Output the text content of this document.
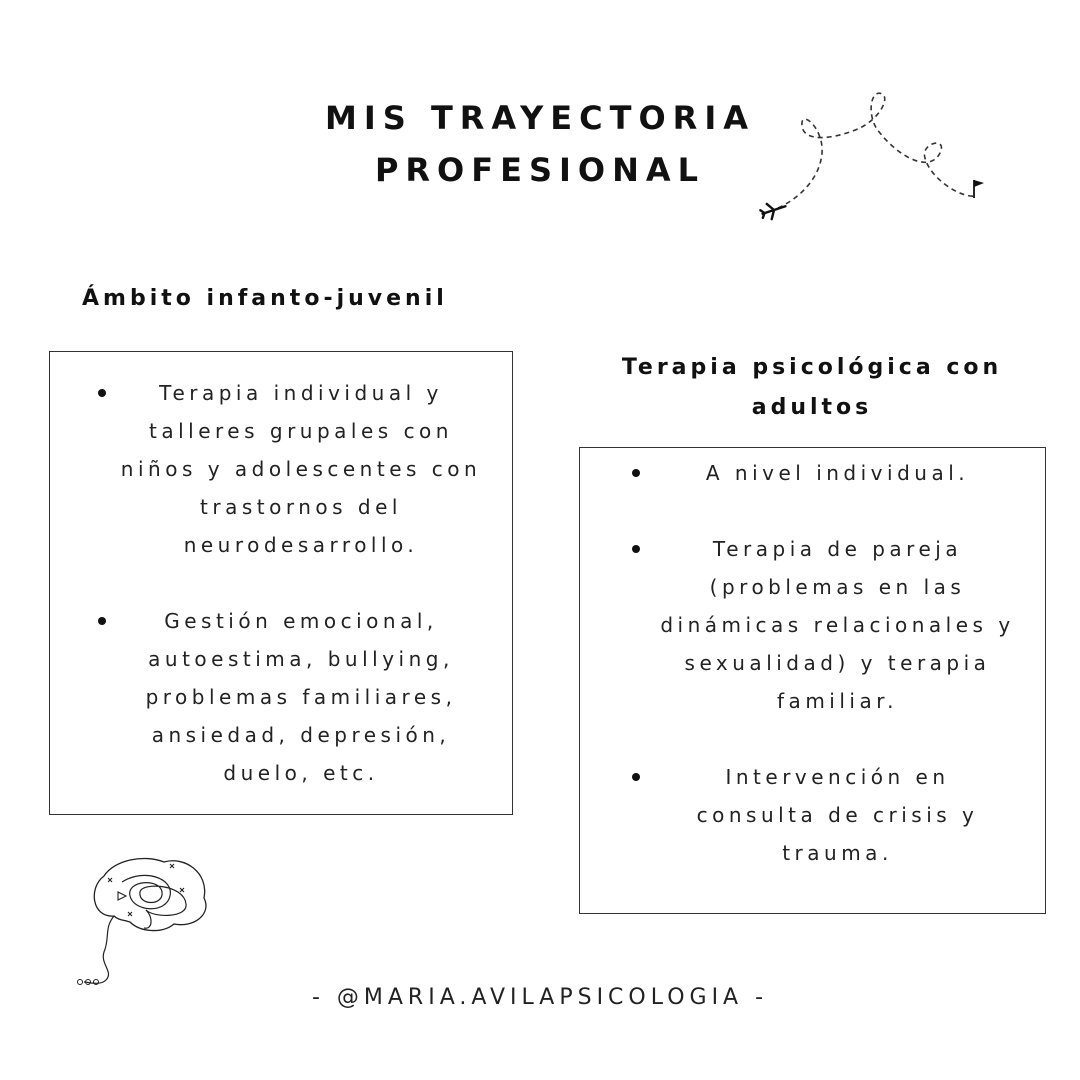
MIS TRAYECTORIA
PROFESIONAL
Ámbito infanto-juvenil
Terapia individual y talleres grupales con niños y adolescentes con trastornos del neurodesarrollo.
Gestión emocional, autoestima, bullying, problemas familiares, ansiedad, depresión, duelo, etc.
Terapia psicológica con
adultos
A nivel individual.
Terapia de pareja (problemas en las dinámicas relacionales y sexualidad) y terapia familiar.
Intervención en consulta de crisis y trauma.
- @MARIA.AVILAPSICOLOGIA -
